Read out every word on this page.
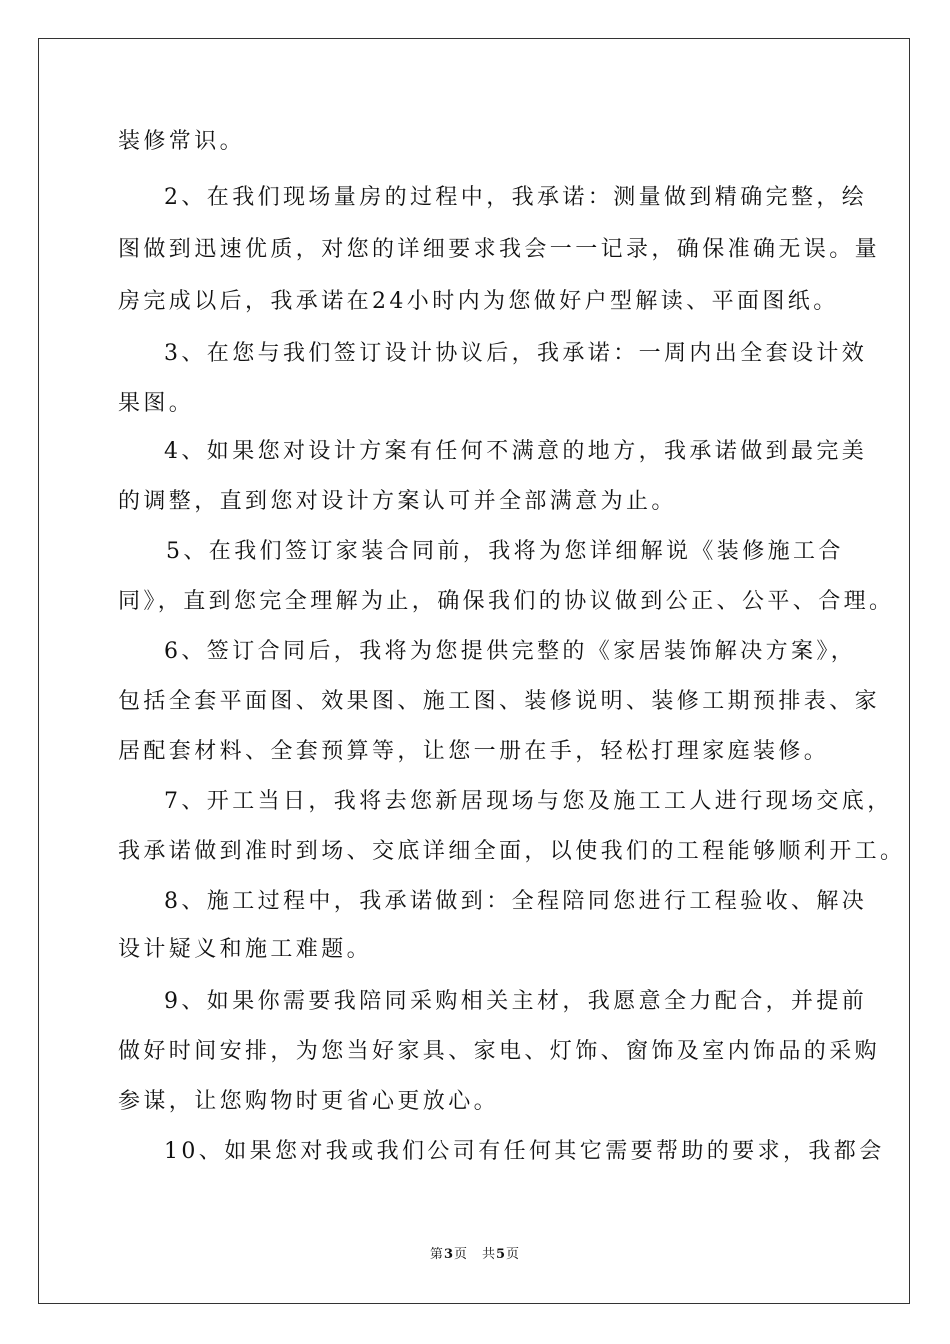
装修常识。
2、在我们现场量房的过程中，我承诺：测量做到精确完整，绘
图做到迅速优质，对您的详细要求我会一一记录，确保准确无误。量
房完成以后，我承诺在24小时内为您做好户型解读、平面图纸。
3、在您与我们签订设计协议后，我承诺：一周内出全套设计效
果图。
4、如果您对设计方案有任何不满意的地方，我承诺做到最完美
的调整，直到您对设计方案认可并全部满意为止。
5、在我们签订家装合同前，我将为您详细解说《装修施工合
同》，直到您完全理解为止，确保我们的协议做到公正、公平、合理。
6、签订合同后，我将为您提供完整的《家居装饰解决方案》，
包括全套平面图、效果图、施工图、装修说明、装修工期预排表、家
居配套材料、全套预算等，让您一册在手，轻松打理家庭装修。
7、开工当日，我将去您新居现场与您及施工工人进行现场交底，
我承诺做到准时到场、交底详细全面，以使我们的工程能够顺利开工。
8、施工过程中，我承诺做到：全程陪同您进行工程验收、解决
设计疑义和施工难题。
9、如果你需要我陪同采购相关主材，我愿意全力配合，并提前
做好时间安排，为您当好家具、家电、灯饰、窗饰及室内饰品的采购
参谋，让您购物时更省心更放心。
10、如果您对我或我们公司有任何其它需要帮助的要求，我都会
第3页　共5页
